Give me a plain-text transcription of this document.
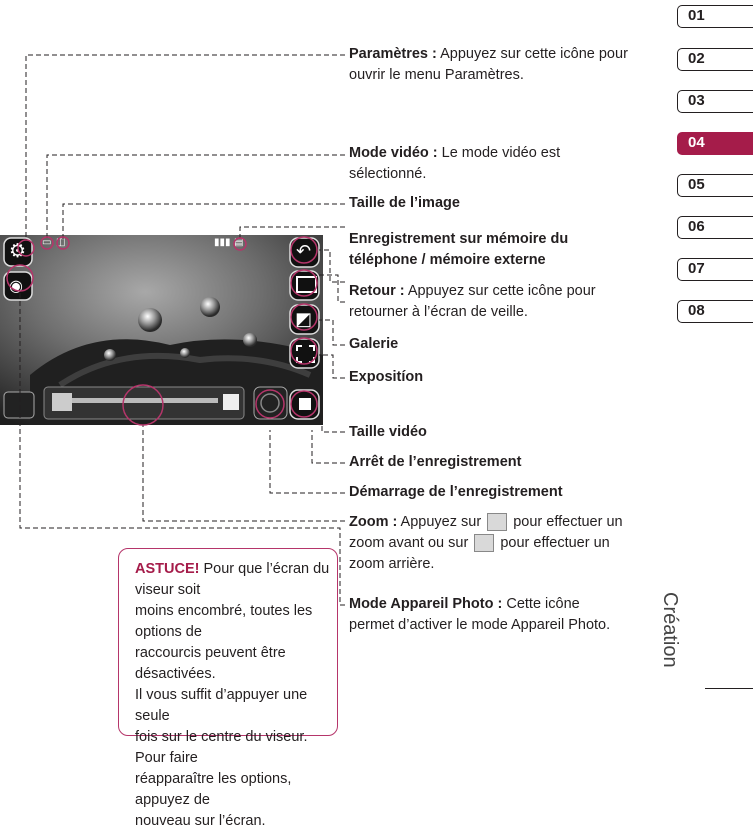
01
02
03
04
05
06
07
08
Création
⚙
◉
↶
◩
▮▮▮ ▤
▭ ◫
Paramètres : Appuyez sur cette icône pour
ouvrir le menu Paramètres.
Mode vidéo : Le mode vidéo est
sélectionné.
Taille de l’image
Enregistrement sur mémoire du
téléphone / mémoire externe
Retour : Appuyez sur cette icône pour
retourner à l’écran de veille.
Galerie
Expositíon
Taille vidéo
Arrêt de l’enregistrement
Démarrage de l’enregistrement
Zoom : Appuyez sur  pour effectuer un
zoom avant ou sur  pour effectuer un
zoom arrière.
Mode Appareil Photo : Cette icône
permet d’activer le mode Appareil Photo.
ASTUCE! Pour que l’écran du viseur soit
moins encombré, toutes les options de
raccourcis peuvent être désactivées.
Il vous suffit d’appuyer une seule
fois sur le centre du viseur. Pour faire
réapparaître les options, appuyez de
nouveau sur l’écran.
